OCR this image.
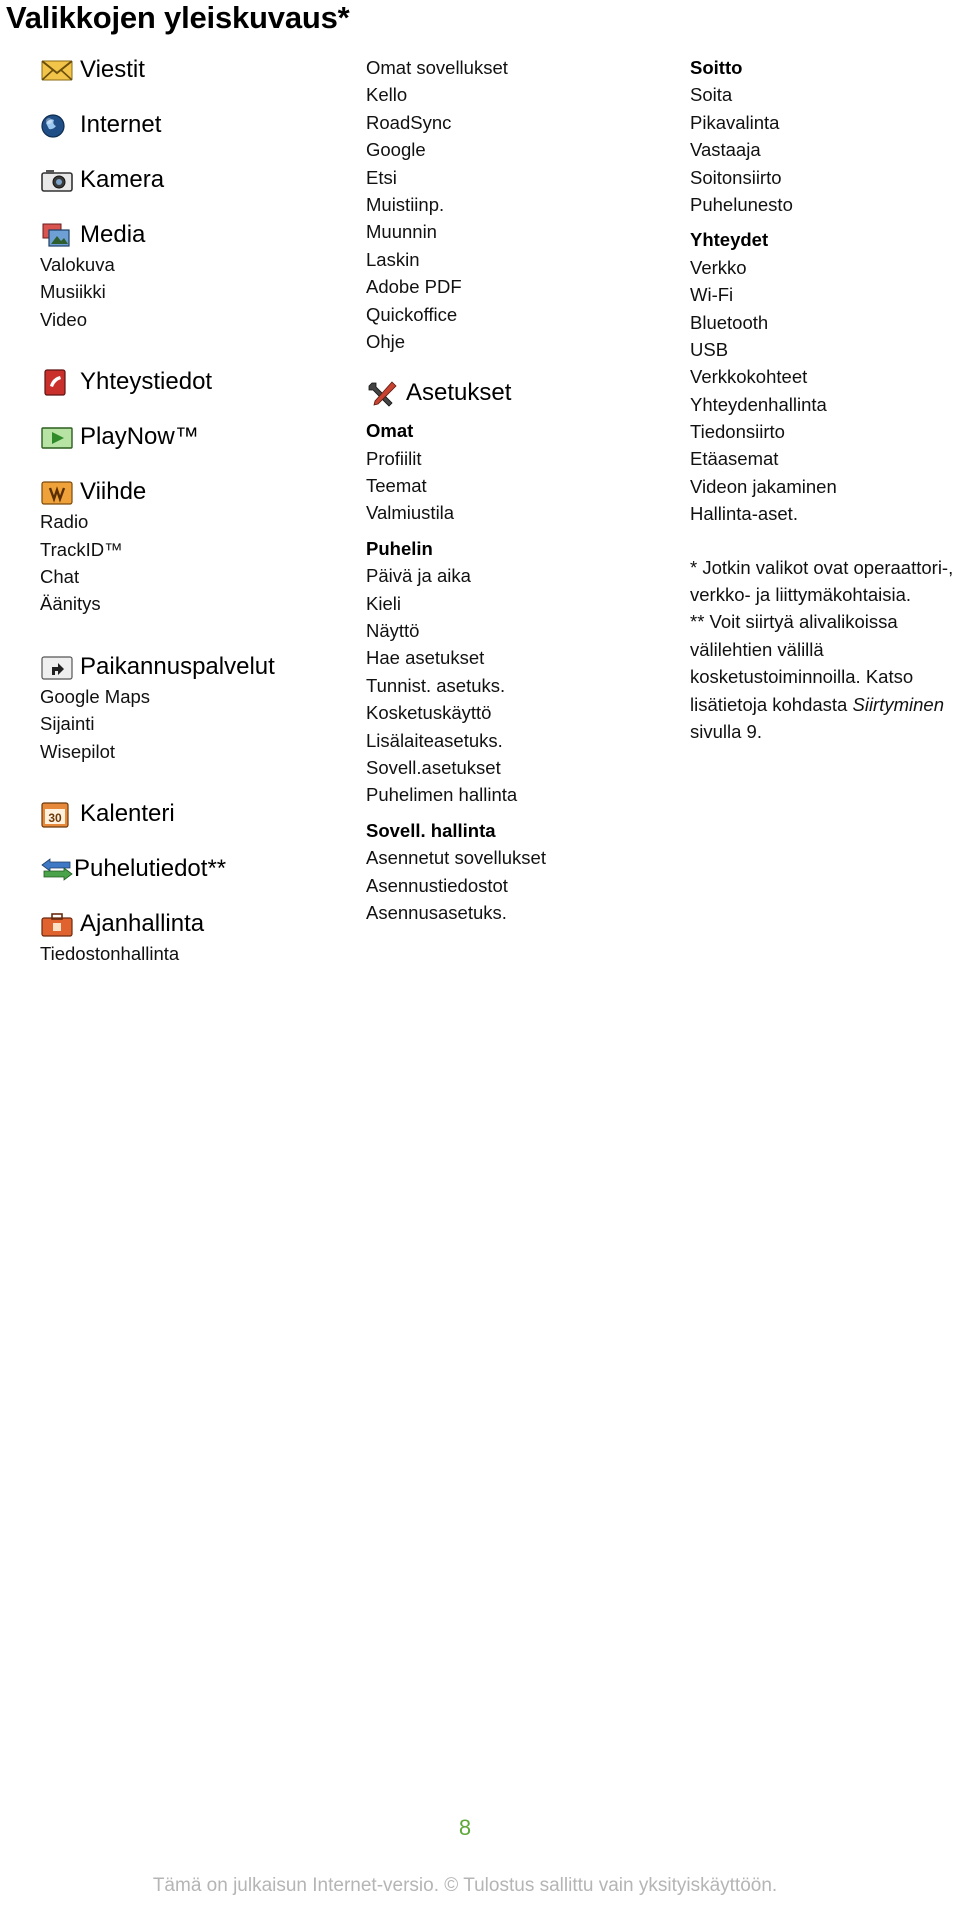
Valikkojen yleiskuvaus*
Viestit
Internet
Kamera
Media
Valokuva
Musiikki
Video
Yhteystiedot
PlayNow™
Viihde
Radio
TrackID™
Chat
Äänitys
Paikannuspalvelut
Google Maps
Sijainti
Wisepilot
30 Kalenteri
Puhelutiedot**
Ajanhallinta
Tiedostonhallinta
Omat sovellukset
Kello
RoadSync
Google
Etsi
Muistiinp.
Muunnin
Laskin
Adobe PDF
Quickoffice
Ohje
Asetukset
Omat
Profiilit
Teemat
Valmiustila
Puhelin
Päivä ja aika
Kieli
Näyttö
Hae asetukset
Tunnist. asetuks.
Kosketuskäyttö
Lisälaiteasetuks.
Sovell.asetukset
Puhelimen hallinta
Sovell. hallinta
Asennetut sovellukset
Asennustiedostot
Asennusasetuks.
Soitto
Soita
Pikavalinta
Vastaaja
Soitonsiirto
Puhelunesto
Yhteydet
Verkko
Wi-Fi
Bluetooth
USB
Verkkokohteet
Yhteydenhallinta
Tiedonsiirto
Etäasemat
Videon jakaminen
Hallinta-aset.
* Jotkin valikot ovat operaattori-, verkko- ja liittymäkohtaisia.
** Voit siirtyä alivalikoissa välilehtien välillä kosketustoiminnoilla. Katso lisätietoja kohdasta Siirtyminen sivulla 9.
8
Tämä on julkaisun Internet-versio. © Tulostus sallittu vain yksityiskäyttöön.
